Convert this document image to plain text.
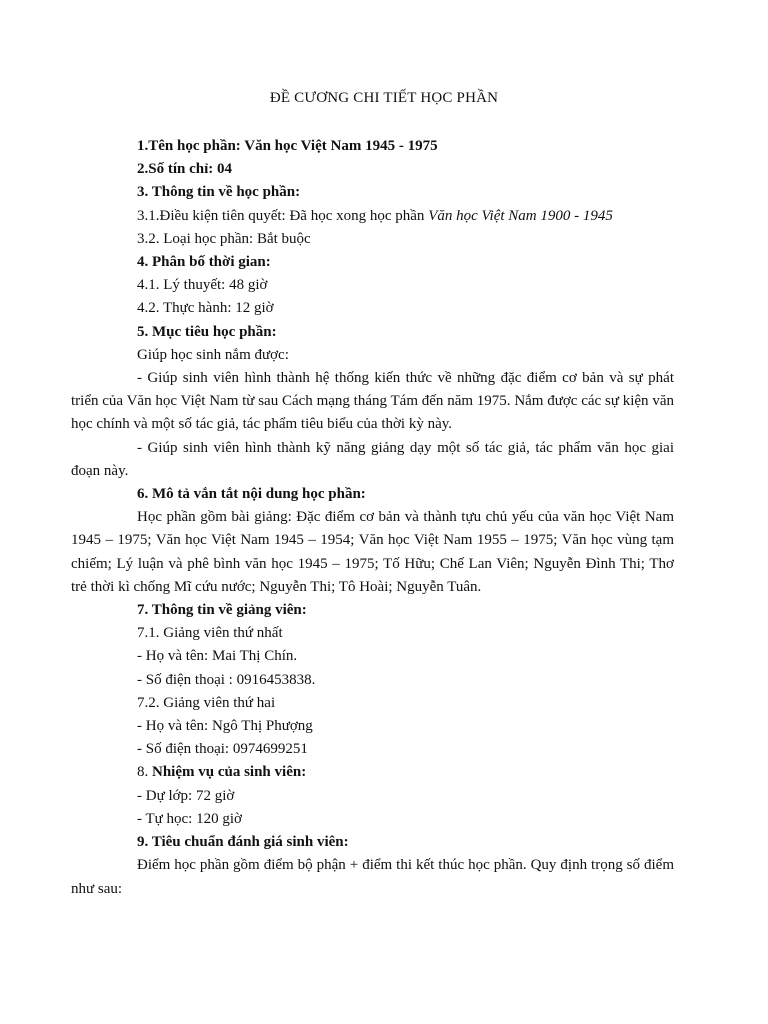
ĐỀ CƯƠNG CHI TIẾT HỌC PHẦN

1.Tên học phần: Văn học Việt Nam 1945 - 1975

2.Số tín chỉ: 04

3. Thông tin về học phần:

3.1.Điều kiện tiên quyết: Đã học xong học phần Văn học Việt Nam 1900 - 1945

3.2. Loại học phần: Bắt buộc

4. Phân bố thời gian:

4.1. Lý thuyết: 48 giờ

4.2. Thực hành: 12 giờ

5. Mục tiêu học phần:

Giúp học sinh nắm được:

- Giúp sinh viên hình thành hệ thống kiến thức về những đặc điểm cơ bản và sự phát triển của Văn học Việt Nam từ sau Cách mạng tháng Tám đến năm 1975. Nắm được các sự kiện văn học chính và một số tác giả, tác phẩm tiêu biểu của thời kỳ này.

- Giúp sinh viên hình thành kỹ năng giảng dạy một số tác giả, tác phẩm văn học giai đoạn này.

6. Mô tả vắn tắt nội dung học phần:

Học phần gồm bài giảng: Đặc điểm cơ bản và thành tựu chủ yếu của văn học Việt Nam 1945 – 1975; Văn học Việt Nam 1945 – 1954; Văn học Việt Nam 1955 – 1975; Văn học vùng tạm chiếm; Lý luận và phê bình văn học 1945 – 1975; Tố Hữu; Chế Lan Viên; Nguyễn Đình Thi; Thơ trẻ thời kì chống Mĩ cứu nước; Nguyễn Thi; Tô Hoài; Nguyễn Tuân.

7. Thông tin về giảng viên:

7.1. Giảng viên thứ nhất

- Họ và tên: Mai Thị Chín.

- Số điện thoại : 0916453838.

7.2. Giảng viên thứ hai

- Họ và tên: Ngô Thị Phượng

- Số điện thoại: 0974699251

8. Nhiệm vụ của sinh viên:

- Dự lớp: 72 giờ

- Tự học: 120 giờ

9. Tiêu chuẩn đánh giá sinh viên:

Điểm học phần gồm điểm bộ phận + điểm thi kết thúc học phần. Quy định trọng số điểm như sau:
